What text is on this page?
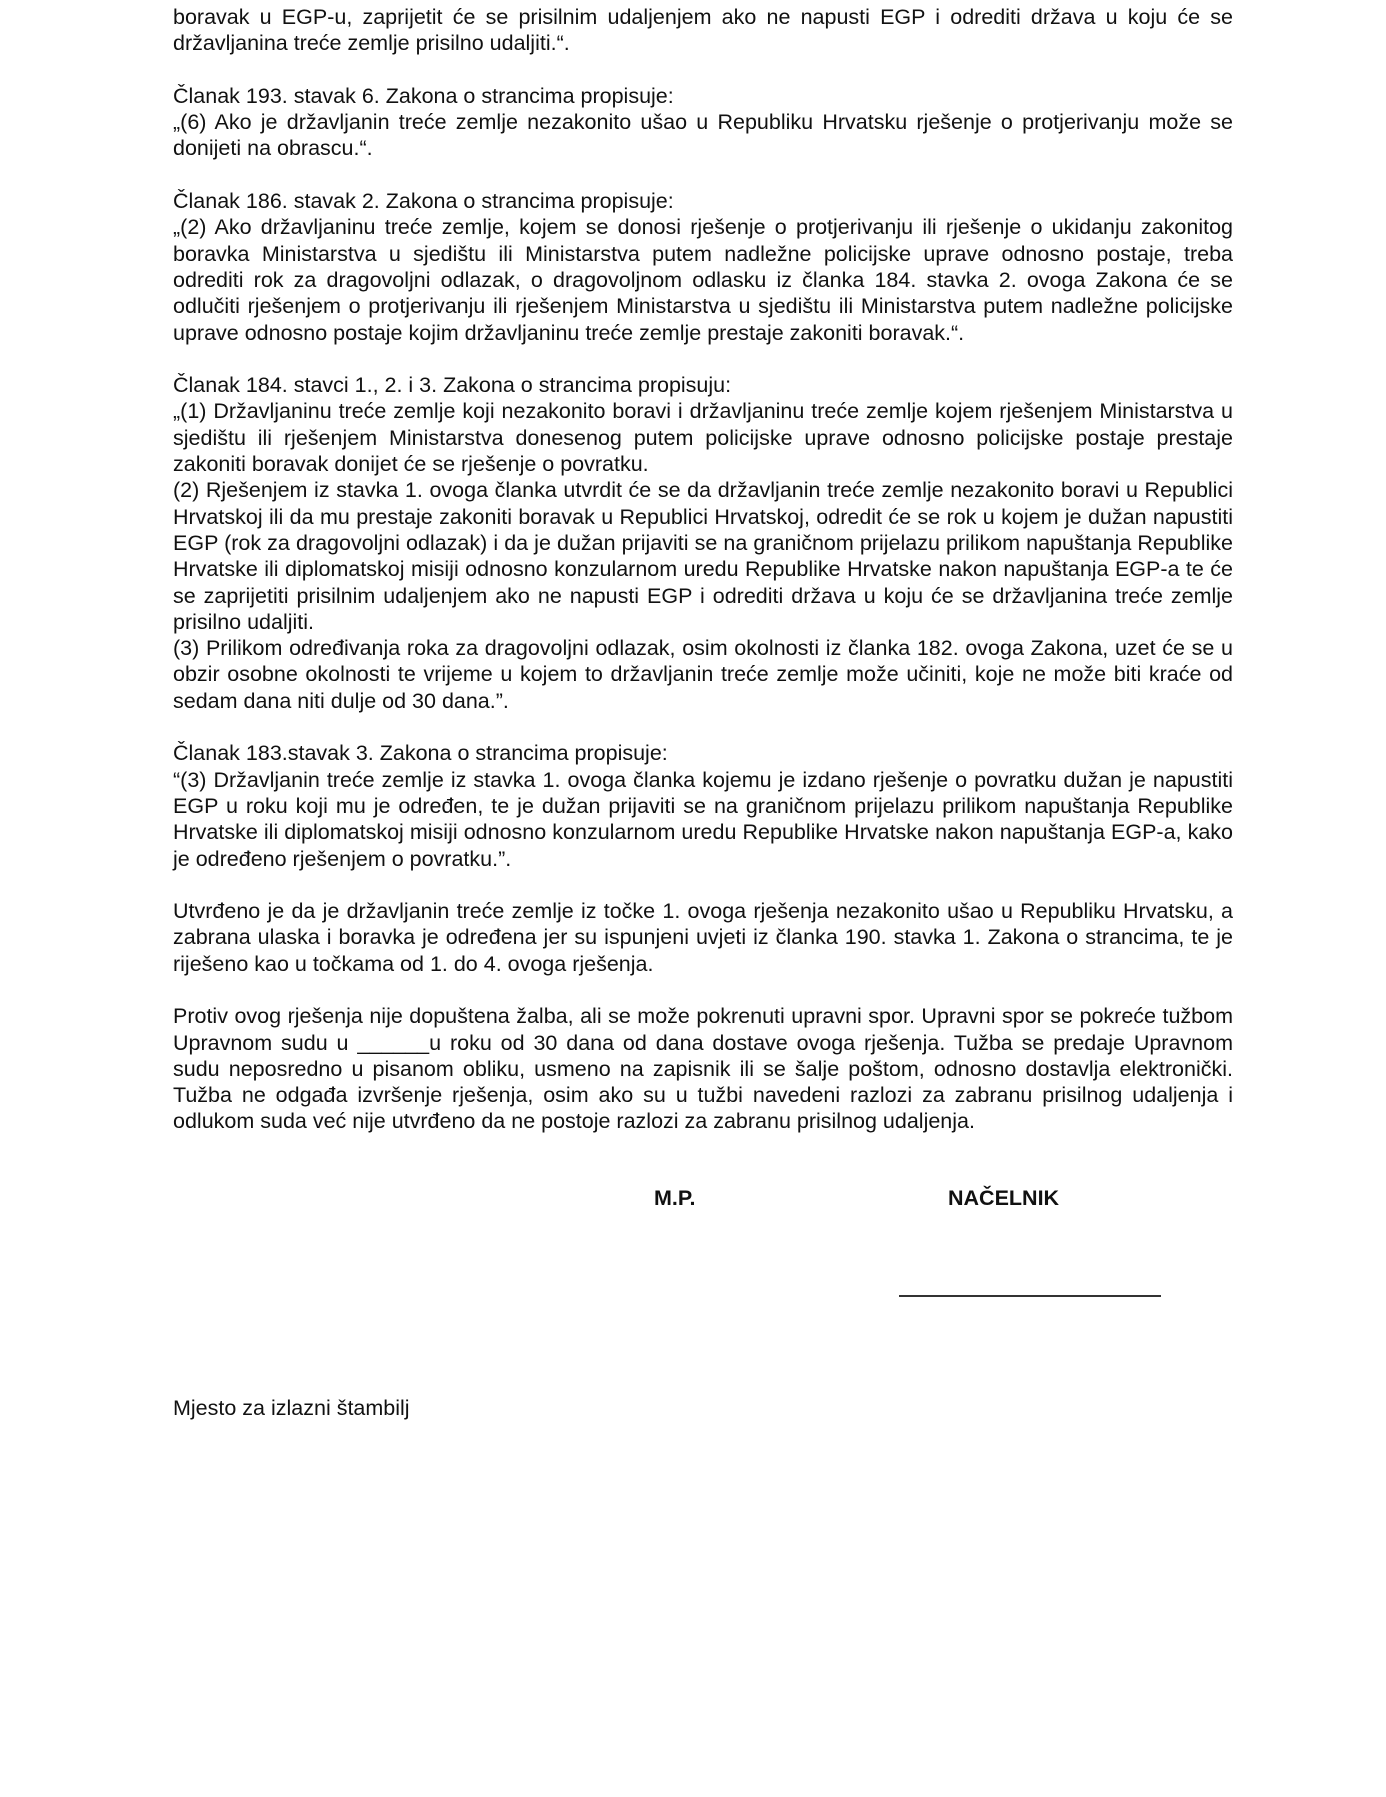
boravak u EGP-u, zaprijetit će se prisilnim udaljenjem ako ne napusti EGP i odrediti država u koju će se državljanina treće zemlje prisilno udaljiti.“.

Članak 193. stavak 6. Zakona o strancima propisuje:

„(6) Ako je državljanin treće zemlje nezakonito ušao u Republiku Hrvatsku rješenje o protjerivanju može se donijeti na obrascu.“.

Članak 186. stavak 2. Zakona o strancima propisuje:

„(2) Ako državljaninu treće zemlje, kojem se donosi rješenje o protjerivanju ili rješenje o ukidanju zakonitog boravka Ministarstva u sjedištu ili Ministarstva putem nadležne policijske uprave odnosno postaje, treba odrediti rok za dragovoljni odlazak, o dragovoljnom odlasku iz članka 184. stavka 2. ovoga Zakona će se odlučiti rješenjem o protjerivanju ili rješenjem Ministarstva u sjedištu ili Ministarstva putem nadležne policijske uprave odnosno postaje kojim državljaninu treće zemlje prestaje zakoniti boravak.“.

Članak 184. stavci 1., 2. i 3. Zakona o strancima propisuju:

„(1) Državljaninu treće zemlje koji nezakonito boravi i državljaninu treće zemlje kojem rješenjem Ministarstva u sjedištu ili rješenjem Ministarstva donesenog putem policijske uprave odnosno policijske postaje prestaje zakoniti boravak donijet će se rješenje o povratku.

(2) Rješenjem iz stavka 1. ovoga članka utvrdit će se da državljanin treće zemlje nezakonito boravi u Republici Hrvatskoj ili da mu prestaje zakoniti boravak u Republici Hrvatskoj, odredit će se rok u kojem je dužan napustiti EGP (rok za dragovoljni odlazak) i da je dužan prijaviti se na graničnom prijelazu prilikom napuštanja Republike Hrvatske ili diplomatskoj misiji odnosno konzularnom uredu Republike Hrvatske nakon napuštanja EGP-a te će se zaprijetiti prisilnim udaljenjem ako ne napusti EGP i odrediti država u koju će se državljanina treće zemlje prisilno udaljiti.

(3) Prilikom određivanja roka za dragovoljni odlazak, osim okolnosti iz članka 182. ovoga Zakona, uzet će se u obzir osobne okolnosti te vrijeme u kojem to državljanin treće zemlje može učiniti, koje ne može biti kraće od sedam dana niti dulje od 30 dana.”.

Članak 183.stavak 3. Zakona o strancima propisuje:

“(3) Državljanin treće zemlje iz stavka 1. ovoga članka kojemu je izdano rješenje o povratku dužan je napustiti EGP u roku koji mu je određen, te je dužan prijaviti se na graničnom prijelazu prilikom napuštanja Republike Hrvatske ili diplomatskoj misiji odnosno konzularnom uredu Republike Hrvatske nakon napuštanja EGP-a, kako je određeno rješenjem o povratku.”.

Utvrđeno je da je državljanin treće zemlje iz točke 1. ovoga rješenja nezakonito ušao u Republiku Hrvatsku, a zabrana ulaska i boravka je određena jer su ispunjeni uvjeti iz članka 190. stavka 1. Zakona o strancima, te je riješeno kao u točkama od 1. do 4. ovoga rješenja.

Protiv ovog rješenja nije dopuštena žalba, ali se može pokrenuti upravni spor. Upravni spor se pokreće tužbom Upravnom sudu u ______u roku od 30 dana od dana dostave ovoga rješenja. Tužba se predaje Upravnom sudu neposredno u pisanom obliku, usmeno na zapisnik ili se šalje poštom, odnosno dostavlja elektronički. Tužba ne odgađa izvršenje rješenja, osim ako su u tužbi navedeni razlozi za zabranu prisilnog udaljenja i odlukom suda već nije utvrđeno da ne postoje razlozi za zabranu prisilnog udaljenja.

M.P.	NAČELNIK

Mjesto za izlazni štambilj
